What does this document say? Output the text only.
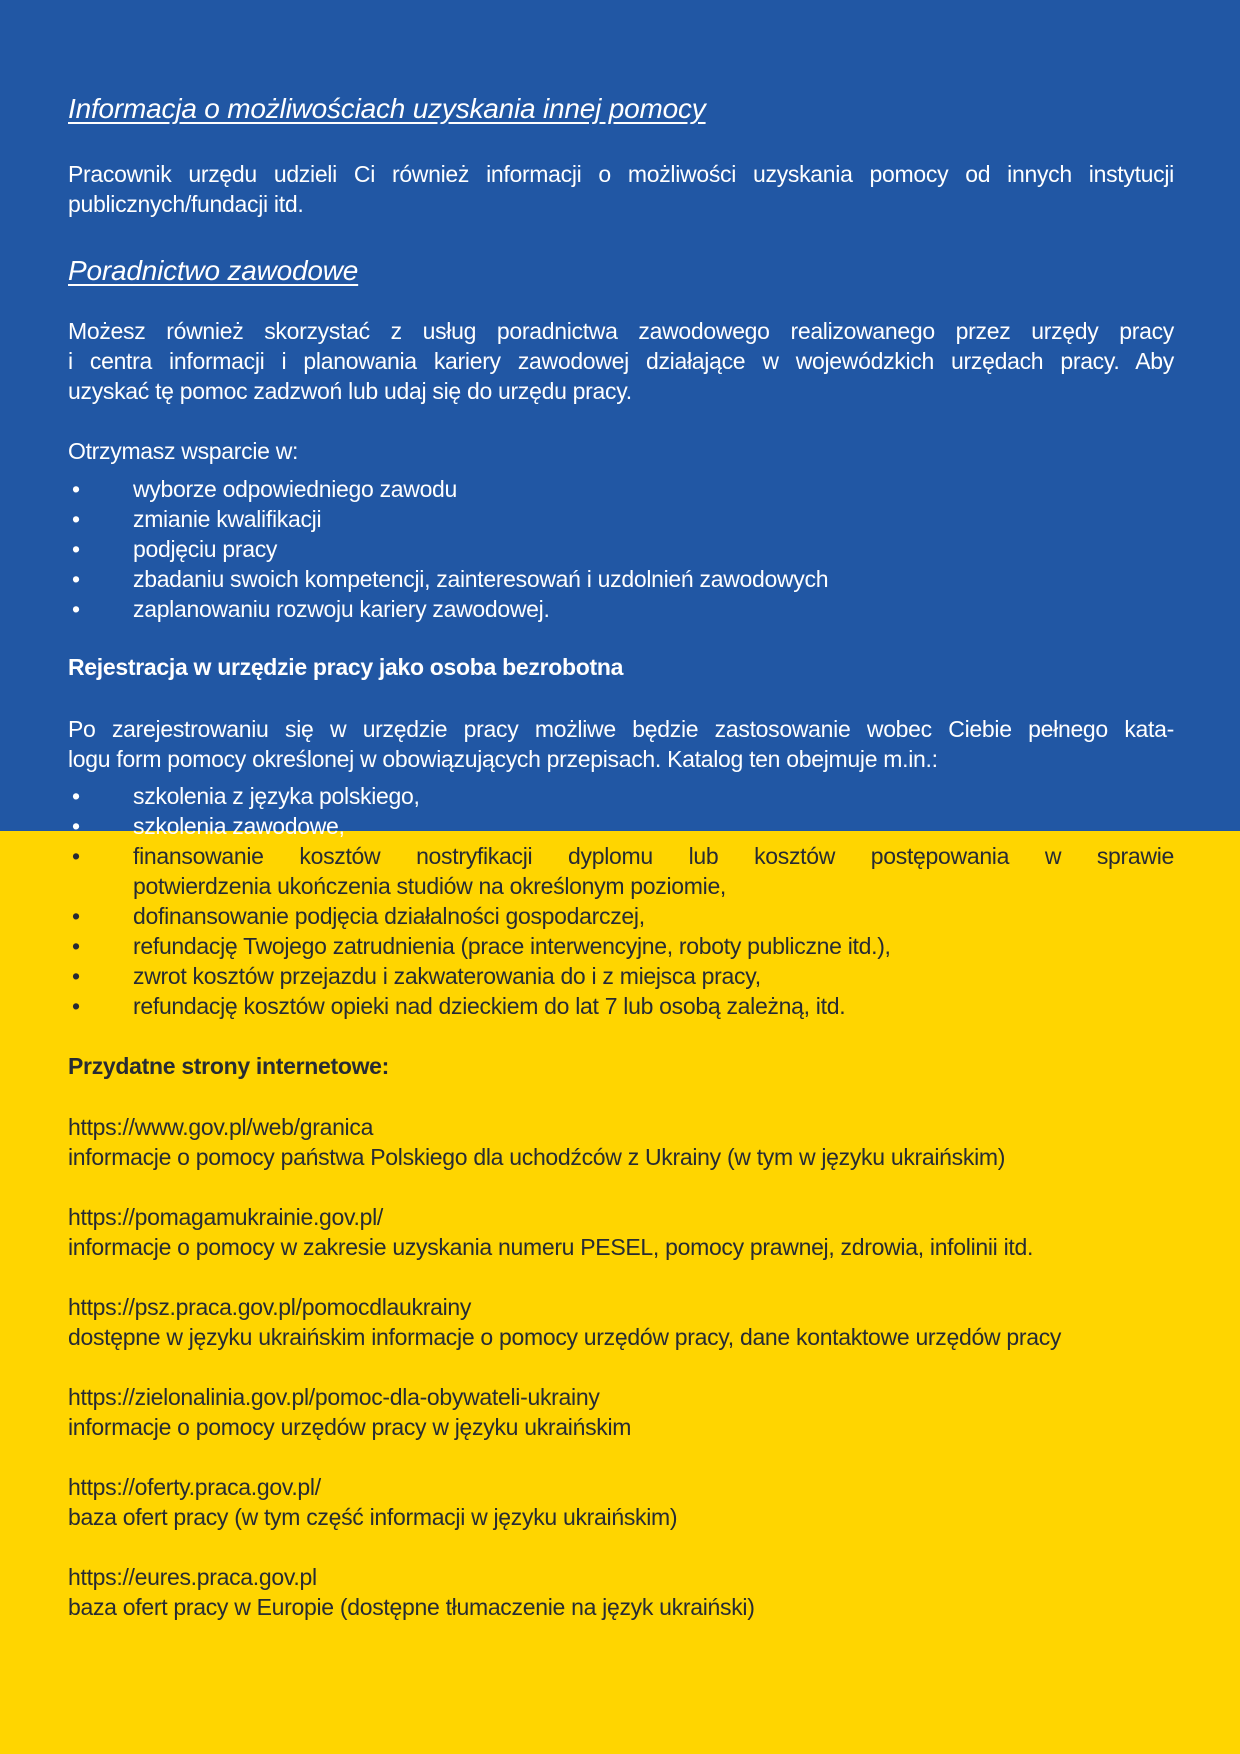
Informacja o możliwościach uzyskania innej pomocy
Pracownik urzędu udzieli Ci również informacji o możliwości uzyskania pomocy od innych instytucji
publicznych/fundacji itd.
Poradnictwo zawodowe
Możesz również skorzystać z usług poradnictwa zawodowego realizowanego przez urzędy pracy
i centra informacji i planowania kariery zawodowej działające w wojewódzkich urzędach pracy. Aby
uzyskać tę pomoc zadzwoń lub udaj się do urzędu pracy.
Otrzymasz wsparcie w:
• wyborze odpowiedniego zawodu
• zmianie kwalifikacji
• podjęciu pracy
• zbadaniu swoich kompetencji, zainteresowań i uzdolnień zawodowych
• zaplanowaniu rozwoju kariery zawodowej.
Rejestracja w urzędzie pracy jako osoba bezrobotna
Po zarejestrowaniu się w urzędzie pracy możliwe będzie zastosowanie wobec Ciebie pełnego kata-
logu form pomocy określonej w obowiązujących przepisach. Katalog ten obejmuje m.in.:
• szkolenia z języka polskiego,
• szkolenia zawodowe,
• finansowanie kosztów nostryfikacji dyplomu lub kosztów postępowania w sprawie
potwierdzenia ukończenia studiów na określonym poziomie,
• dofinansowanie podjęcia działalności gospodarczej,
• refundację Twojego zatrudnienia (prace interwencyjne, roboty publiczne itd.),
• zwrot kosztów przejazdu i zakwaterowania do i z miejsca pracy,
• refundację kosztów opieki nad dzieckiem do lat 7 lub osobą zależną, itd.
Przydatne strony internetowe:
https://www.gov.pl/web/granica
informacje o pomocy państwa Polskiego dla uchodźców z Ukrainy (w tym w języku ukraińskim)
https://pomagamukrainie.gov.pl/
informacje o pomocy w zakresie uzyskania numeru PESEL, pomocy prawnej, zdrowia, infolinii itd.
https://psz.praca.gov.pl/pomocdlaukrainy
dostępne w języku ukraińskim informacje o pomocy urzędów pracy, dane kontaktowe urzędów pracy
https://zielonalinia.gov.pl/pomoc-dla-obywateli-ukrainy
informacje o pomocy urzędów pracy w języku ukraińskim
https://oferty.praca.gov.pl/
baza ofert pracy (w tym część informacji w języku ukraińskim)
https://eures.praca.gov.pl
baza ofert pracy w Europie (dostępne tłumaczenie na język ukraiński)
